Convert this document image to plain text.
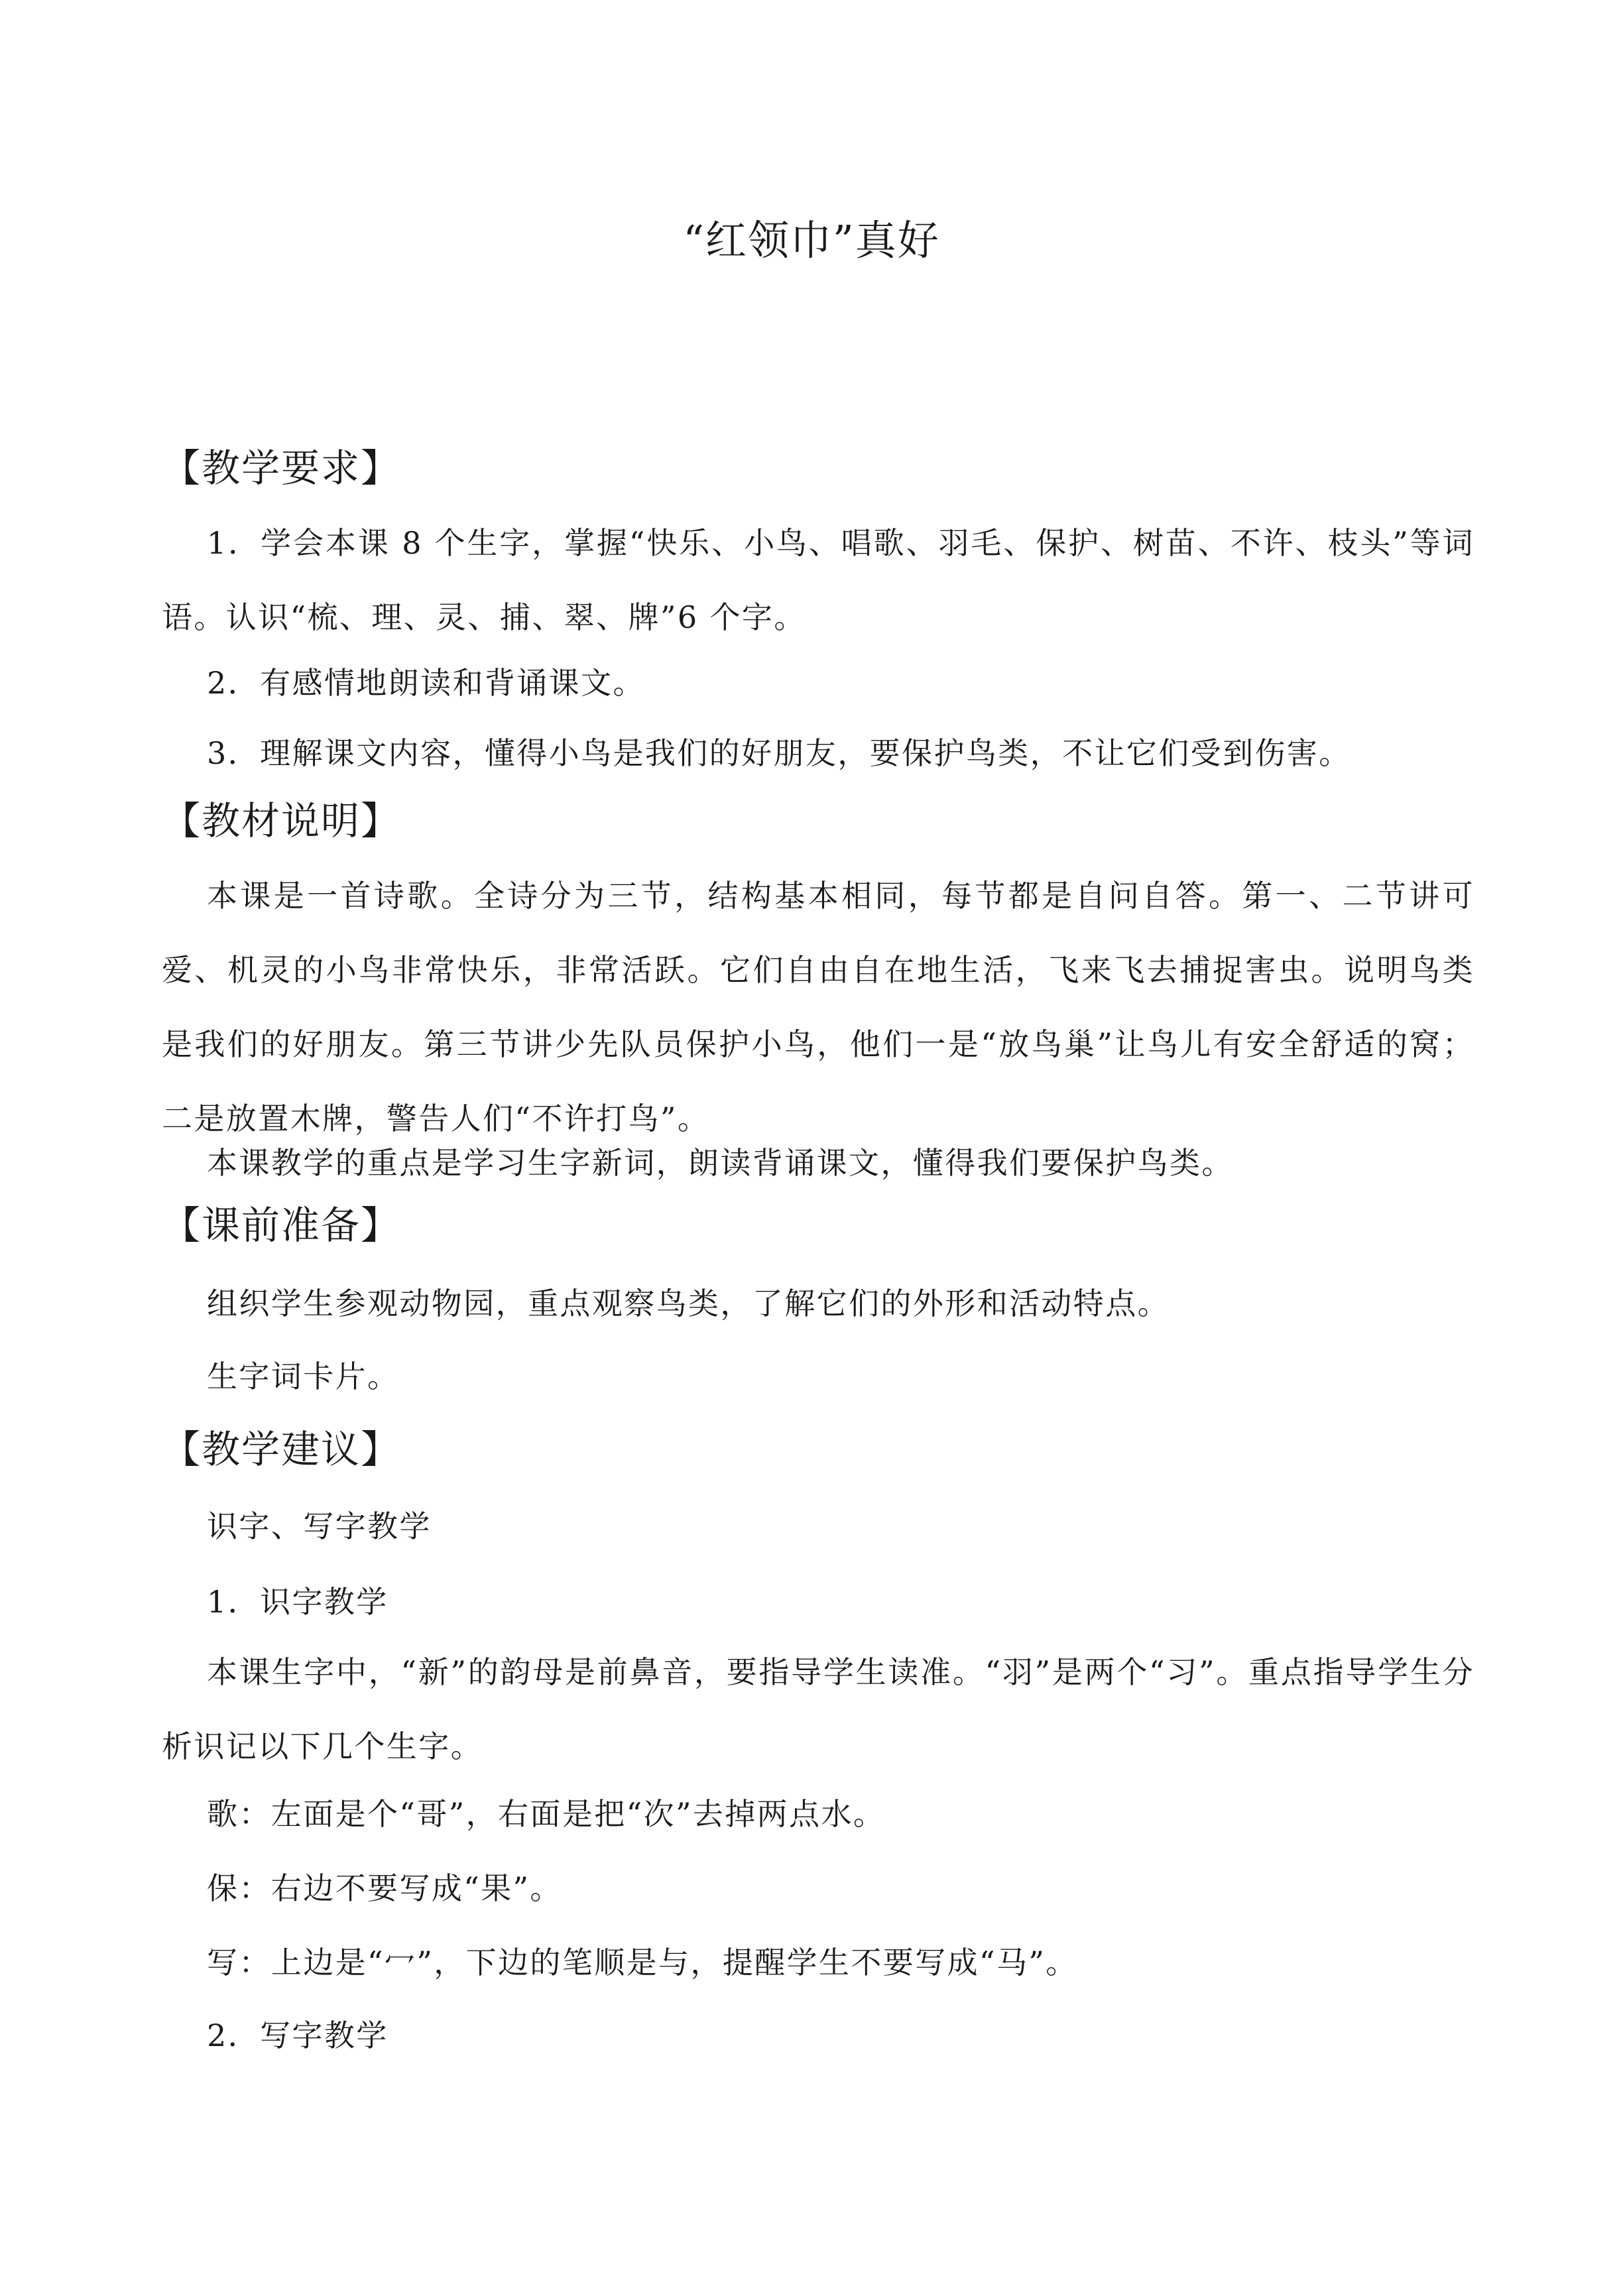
“红领巾”真好
【教学要求】

1．学会本课 8 个生字，掌握“快乐、小鸟、唱歌、羽毛、保护、树苗、不许、枝头”等词语。认识“梳、理、灵、捕、翠、牌”6 个字。

2．有感情地朗读和背诵课文。

3．理解课文内容，懂得小鸟是我们的好朋友，要保护鸟类，不让它们受到伤害。

【教材说明】

本课是一首诗歌。全诗分为三节，结构基本相同，每节都是自问自答。第一、二节讲可爱、机灵的小鸟非常快乐，非常活跃。它们自由自在地生活，飞来飞去捕捉害虫。说明鸟类是我们的好朋友。第三节讲少先队员保护小鸟，他们一是“放鸟巢”让鸟儿有安全舒适的窝；二是放置木牌，警告人们“不许打鸟”。

本课教学的重点是学习生字新词，朗读背诵课文，懂得我们要保护鸟类。

【课前准备】

组织学生参观动物园，重点观察鸟类，了解它们的外形和活动特点。

生字词卡片。

【教学建议】

识字、写字教学

1．识字教学

本课生字中，“新”的韵母是前鼻音，要指导学生读准。“羽”是两个“习”。重点指导学生分析识记以下几个生字。

歌：左面是个“哥”，右面是把“次”去掉两点水。

保：右边不要写成“果”。

写：上边是“冖”，下边的笔顺是与，提醒学生不要写成“马”。

2．写字教学
